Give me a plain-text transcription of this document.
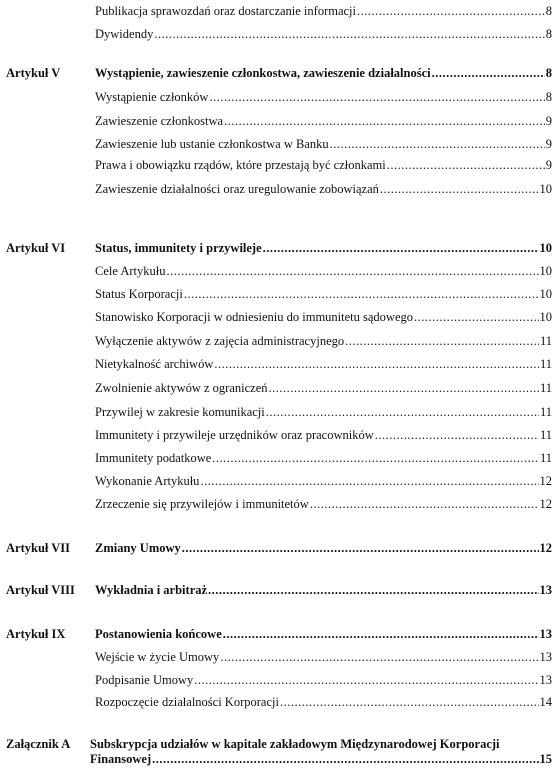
Publikacja sprawozdań oraz dostarczanie informacji .....	8
Dywidendy .....	8
Artykuł V	Wystąpienie, zawieszenie członkostwa, zawieszenie działalności .....	8
Wystąpienie członków .....	8
Zawieszenie członkostwa .....	9
Zawieszenie lub ustanie członkostwa w Banku .....	9
Prawa i obowiązku rządów, które przestają być członkami .....	9
Zawieszenie działalności oraz uregulowanie zobowiązań .....	10
Artykuł VI Status, immunitety i przywileje .....	10
Cele Artykułu .....	10
Status Korporacji .....	10
Stanowisko Korporacji w odniesieniu do immunitetu sądowego .....	10
Wyłączenie aktywów z zajęcia administracyjnego .....	11
Nietykalność archiwów .....	11
Zwolnienie aktywów z ograniczeń .....	11
Przywilej w zakresie komunikacji .....	11
Immunitety i przywileje urzędników oraz pracowników .....	11
Immunitety podatkowe .....	11
Wykonanie Artykułu .....	12
Zrzeczenie się przywilejów i immunitetów .....	12
Artykuł VII Zmiany Umowy .....	12
Artykuł VIII Wykładnia i arbitraż .....	13
Artykuł IX Postanowienia końcowe .....	13
Wejście w życie Umowy .....	13
Podpisanie Umowy .....	13
Rozpoczęcie działalności Korporacji .....	14
Załącznik A Subskrypcja udziałów w kapitale zakładowym Międzynarodowej Korporacji
Finansowej .....	15
